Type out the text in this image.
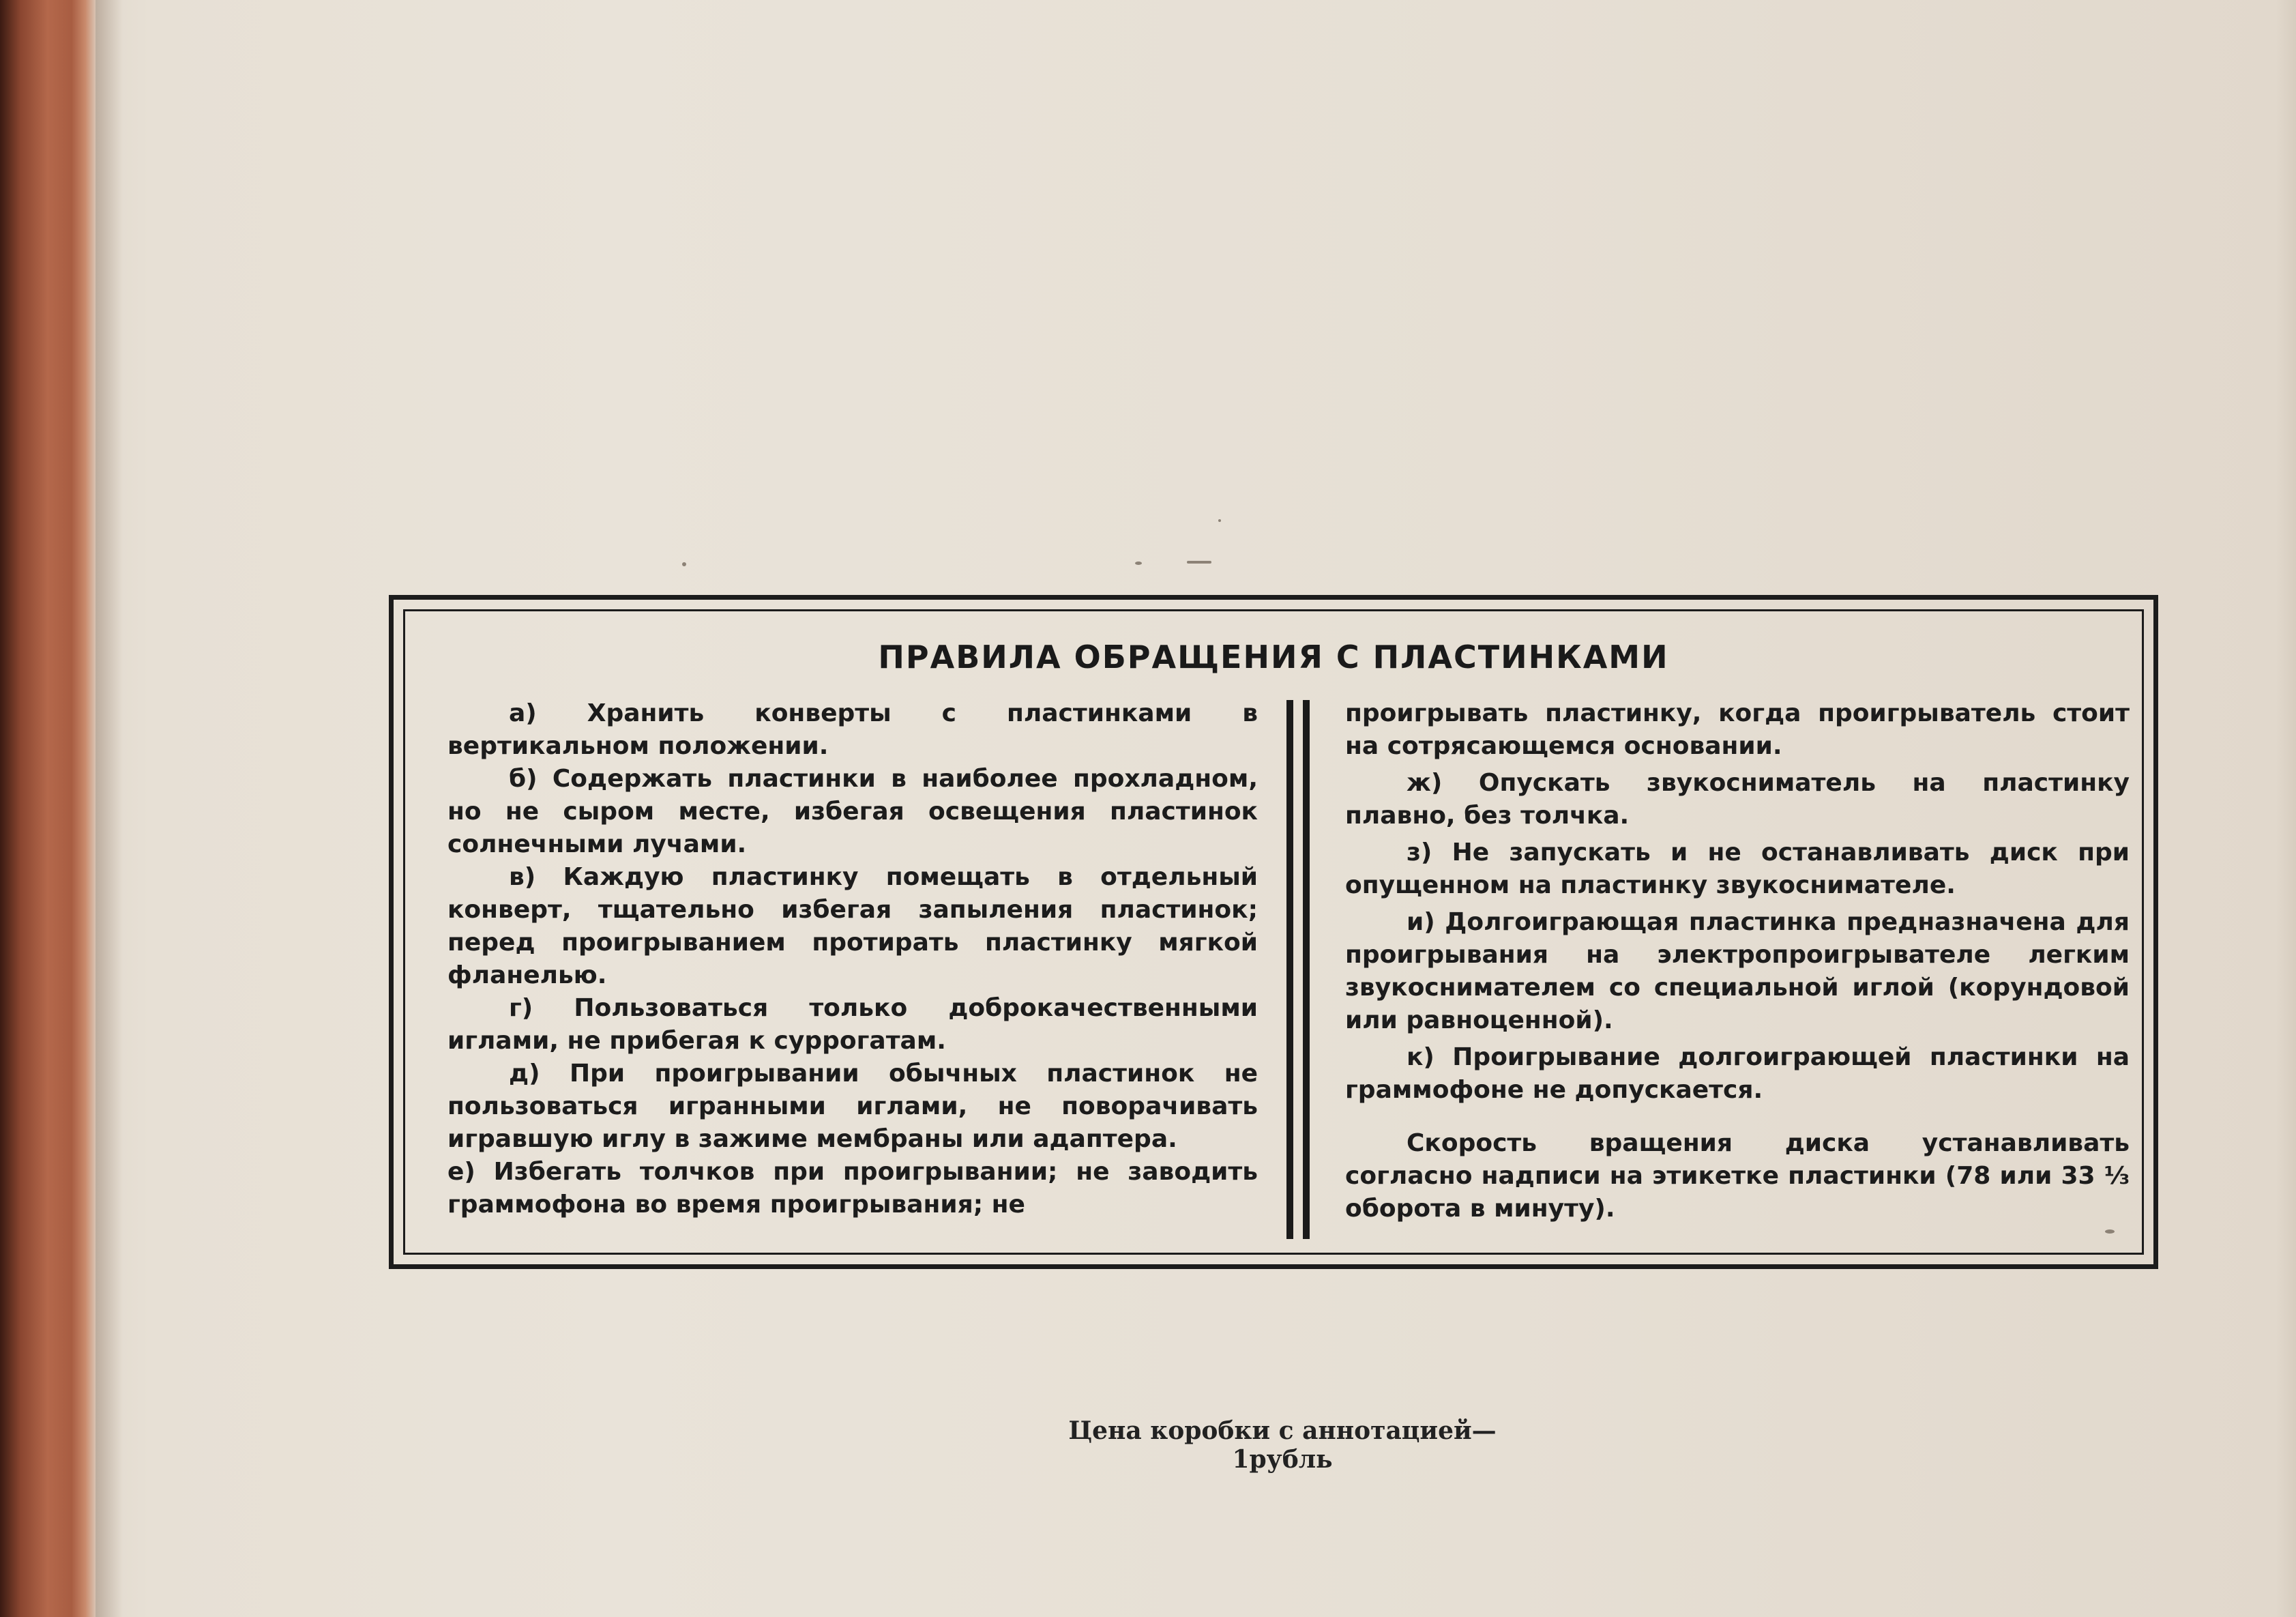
ПРАВИЛА ОБРАЩЕНИЯ С ПЛАСТИНКАМИ

а) Хранить конверты с пластинками в вертикальном положении.

б) Содержать пластинки в наиболее прохладном, но не сыром месте, избегая освещения пластинок солнечными лучами.

в) Каждую пластинку помещать в отдельный конверт, тщательно избегая запыления пластинок; перед проигрыванием протирать пластинку мягкой фланелью.

г) Пользоваться только доброкачественными иглами, не прибегая к суррогатам.

д) При проигрывании обычных пластинок не пользоваться игранными иглами, не поворачивать игравшую иглу в зажиме мембраны или адаптера.

е) Избегать толчков при проигрывании; не заводить граммофона во время проигрывания; не

проигрывать пластинку, когда проигрыватель стоит на сотрясающемся основании.

ж) Опускать звукосниматель на пластинку плавно, без толчка.

з) Не запускать и не останавливать диск при опущенном на пластинку звукоснимателе.

и) Долгоиграющая пластинка предназначена для проигрывания на электропроигрывателе легким звукоснимателем со специальной иглой (корундовой или равноценной).

к) Проигрывание долгоиграющей пластинки на граммофоне не допускается.

Скорость вращения диска устанавливать согласно надписи на этикетке пластинки (78 или 33 ⅓ оборота в минуту).

Цена коробки с аннотацией—1рубль
